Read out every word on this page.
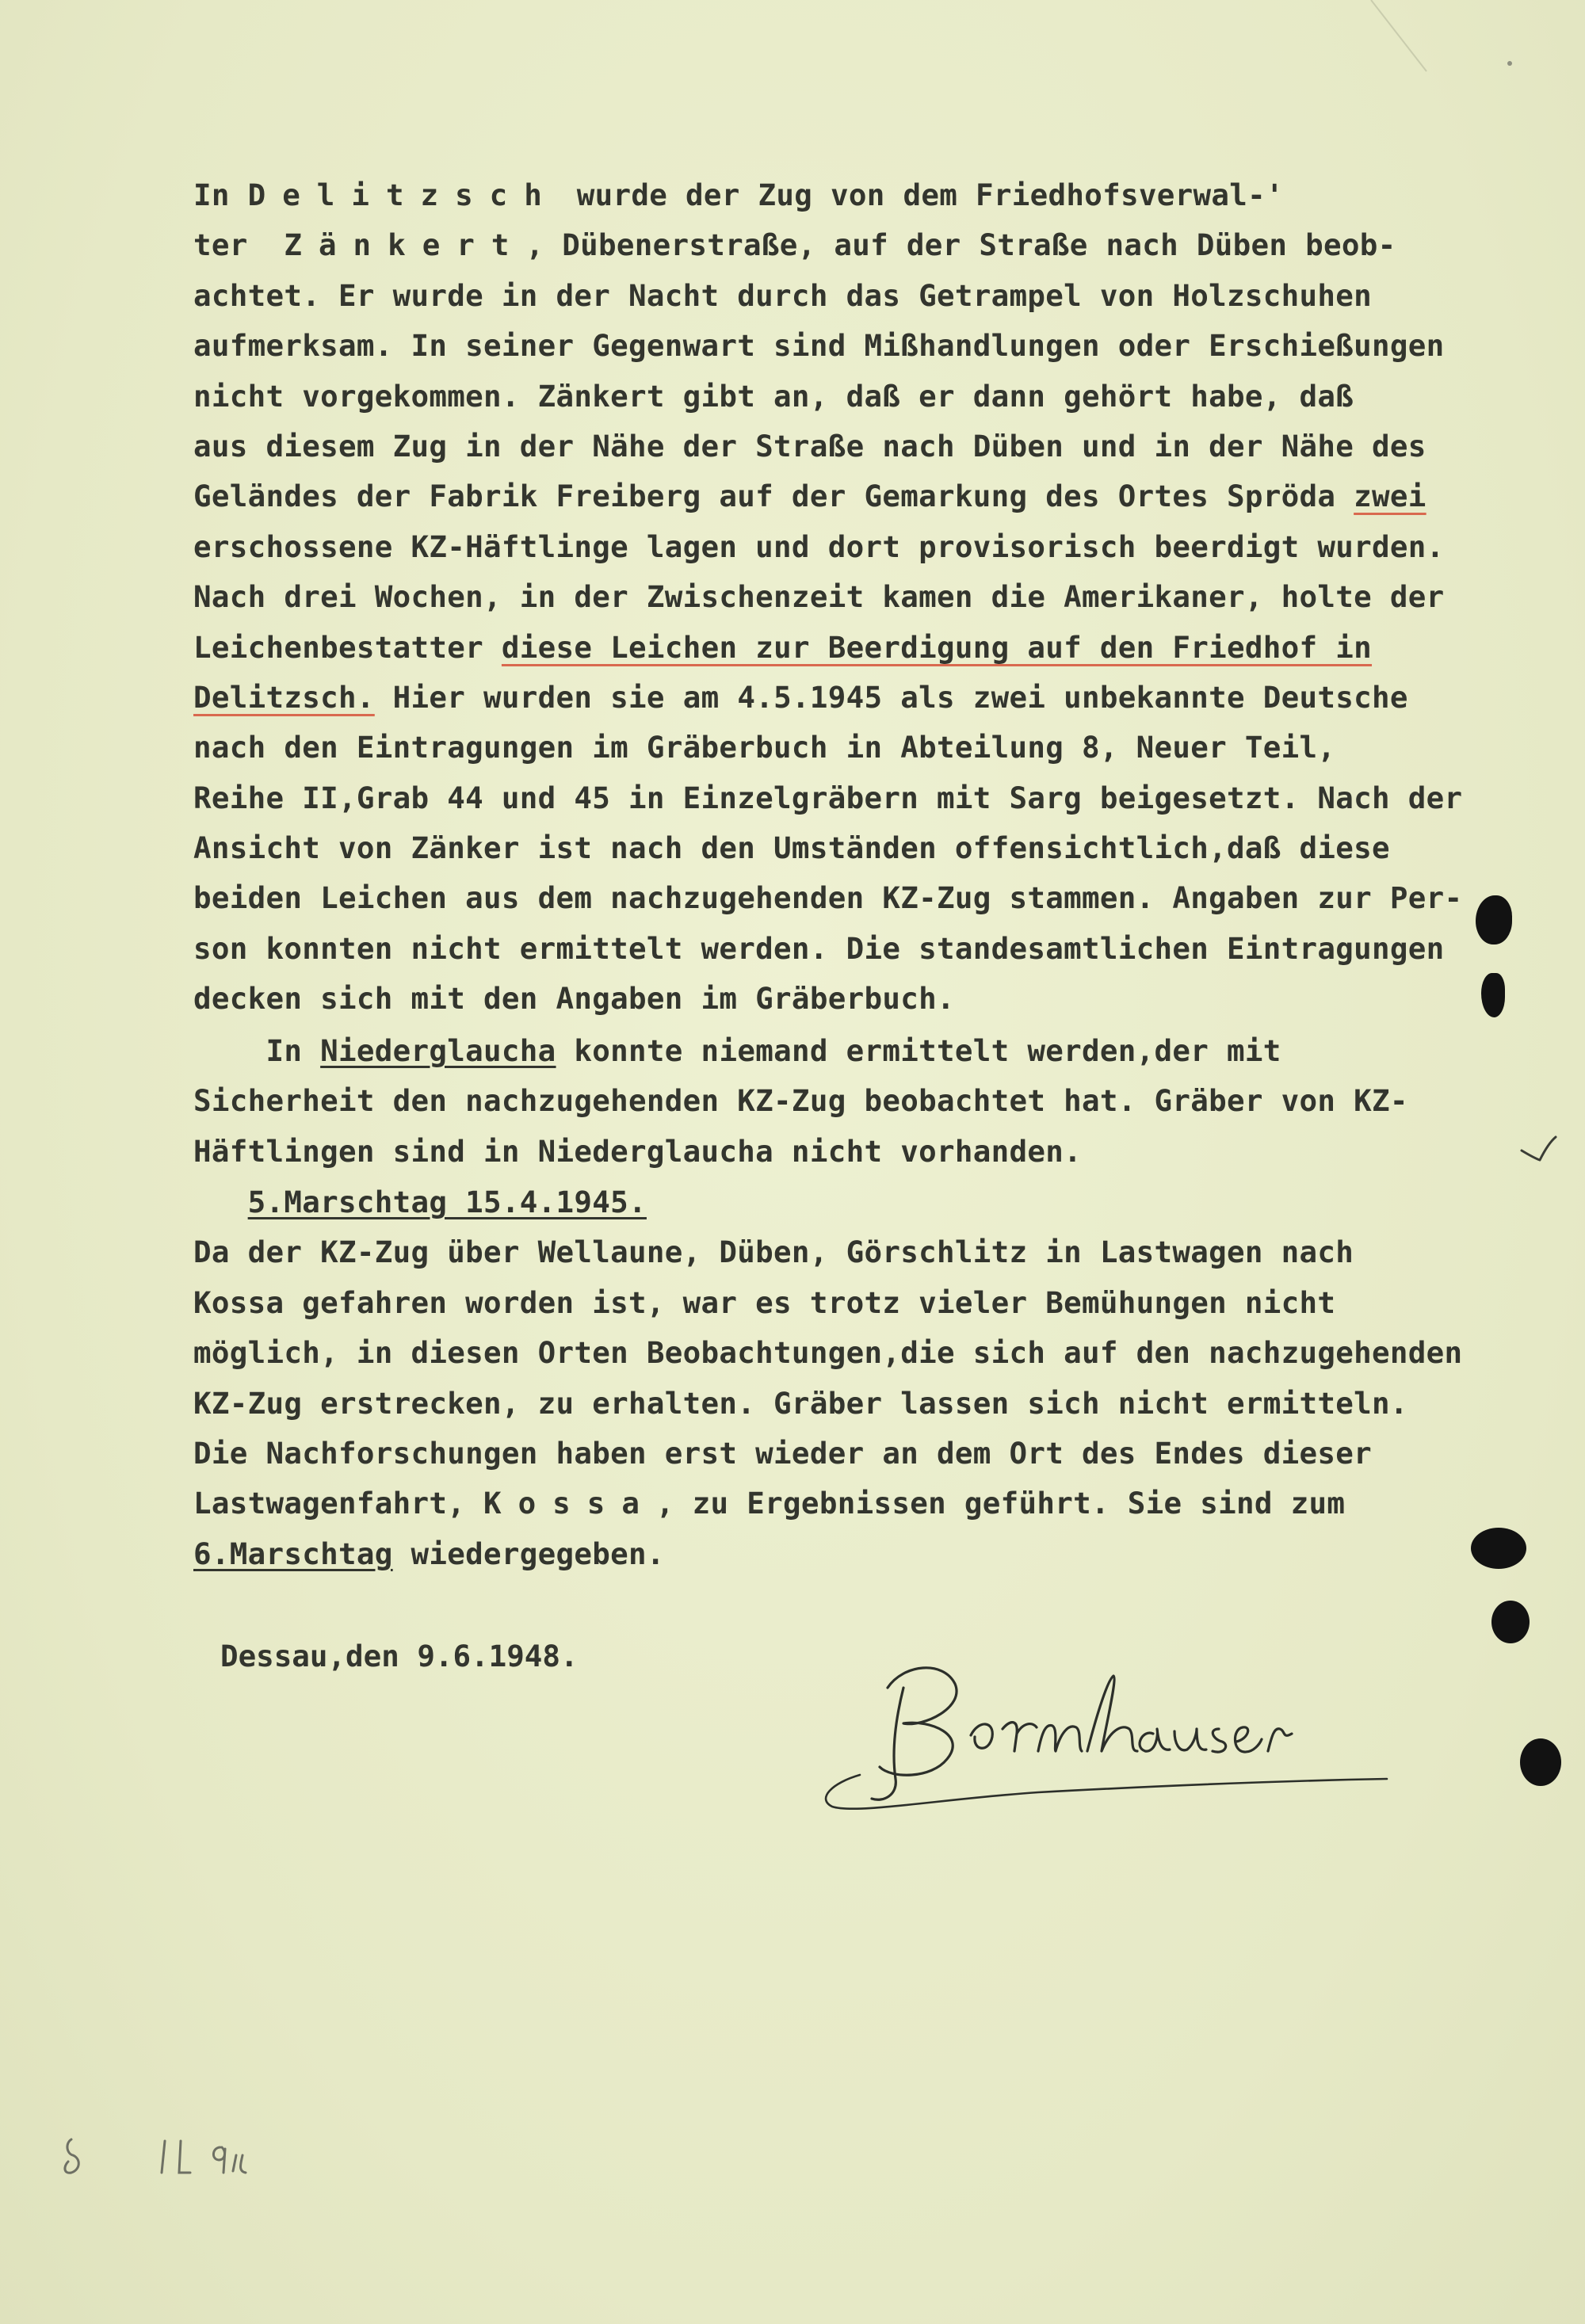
In Delitzsch wurde der Zug von dem Friedhofsverwal-'
ter  Zänkert, Dübenerstraße, auf der Straße nach Düben beob-
achtet. Er wurde in der Nacht durch das Getrampel von Holzschuhen
aufmerksam. In seiner Gegenwart sind Mißhandlungen oder Erschießungen
nicht vorgekommen. Zänkert gibt an, daß er dann gehört habe, daß
aus diesem Zug in der Nähe der Straße nach Düben und in der Nähe des
Geländes der Fabrik Freiberg auf der Gemarkung des Ortes Spröda zwei
erschossene KZ-Häftlinge lagen und dort provisorisch beerdigt wurden.
Nach drei Wochen, in der Zwischenzeit kamen die Amerikaner, holte der
Leichenbestatter diese Leichen zur Beerdigung auf den Friedhof in
Delitzsch. Hier wurden sie am 4.5.1945 als zwei unbekannte Deutsche
nach den Eintragungen im Gräberbuch in Abteilung 8, Neuer Teil,
Reihe II,Grab 44 und 45 in Einzelgräbern mit Sarg beigesetzt. Nach der
Ansicht von Zänker ist nach den Umständen offensichtlich,daß diese
beiden Leichen aus dem nachzugehenden KZ-Zug stammen. Angaben zur Per-
son konnten nicht ermittelt werden. Die standesamtlichen Eintragungen
decken sich mit den Angaben im Gräberbuch.
In Niederglaucha konnte niemand ermittelt werden,der mit
Sicherheit den nachzugehenden KZ-Zug beobachtet hat. Gräber von KZ-
Häftlingen sind in Niederglaucha nicht vorhanden.
5.Marschtag 15.4.1945.
Da der KZ-Zug über Wellaune, Düben, Görschlitz in Lastwagen nach
Kossa gefahren worden ist, war es trotz vieler Bemühungen nicht
möglich, in diesen Orten Beobachtungen,die sich auf den nachzugehenden
KZ-Zug erstrecken, zu erhalten. Gräber lassen sich nicht ermitteln.
Die Nachforschungen haben erst wieder an dem Ort des Endes dieser
Lastwagenfahrt, Kossa, zu Ergebnissen geführt. Sie sind zum
6.Marschtag wiedergegeben.
Dessau,den 9.6.1948.
